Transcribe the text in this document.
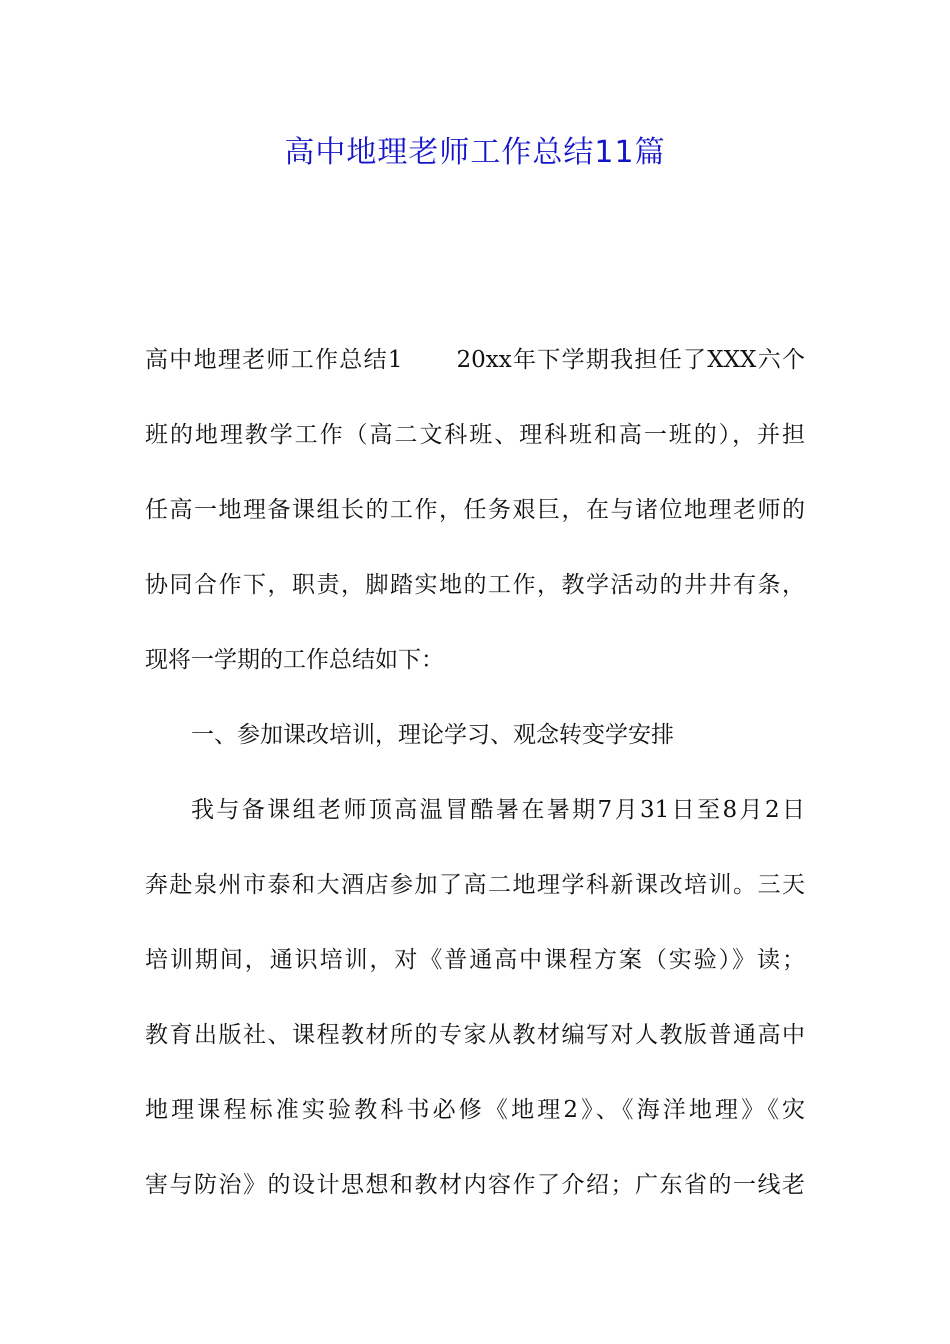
高中地理老师工作总结11篇
高中地理老师工作总结1 20xx年下学期我担任了XXX六个
班的地理教学工作（高二文科班、理科班和高一班的），并担
任高一地理备课组长的工作，任务艰巨，在与诸位地理老师的
协同合作下，职责，脚踏实地的工作，教学活动的井井有条，
现将一学期的工作总结如下：
一、参加课改培训，理论学习、观念转变学安排
我与备课组老师顶高温冒酷暑在暑期7月31日至8月2日
奔赴泉州市泰和大酒店参加了高二地理学科新课改培训。三天
培训期间，通识培训，对《普通高中课程方案（实验）》读；
教育出版社、课程教材所的专家从教材编写对人教版普通高中
地理课程标准实验教科书必修《地理2》、《海洋地理》《灾
害与防治》的设计思想和教材内容作了介绍；广东省的一线老
